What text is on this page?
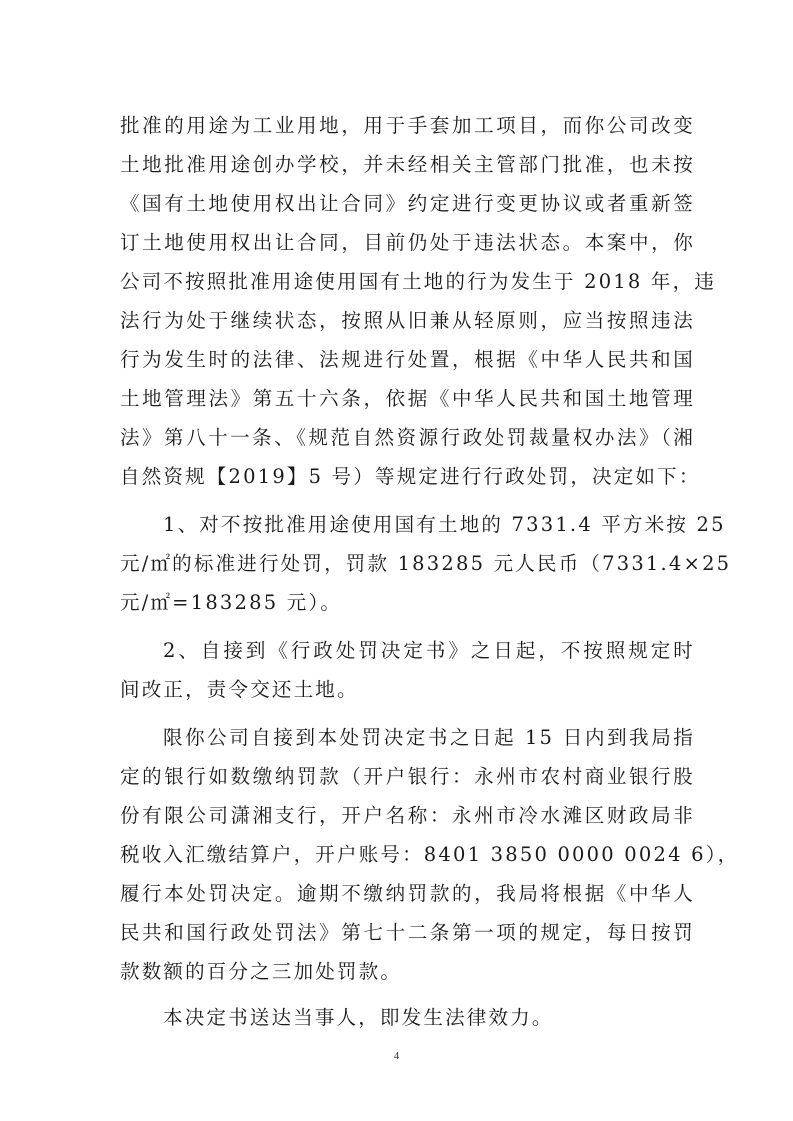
批准的用途为工业用地，用于手套加工项目，而你公司改变
土地批准用途创办学校，并未经相关主管部门批准，也未按
《国有土地使用权出让合同》约定进行变更协议或者重新签
订土地使用权出让合同，目前仍处于违法状态。本案中，你
公司不按照批准用途使用国有土地的行为发生于 2018 年，违
法行为处于继续状态，按照从旧兼从轻原则，应当按照违法
行为发生时的法律、法规进行处置，根据《中华人民共和国
土地管理法》第五十六条，依据《中华人民共和国土地管理
法》第八十一条、《规范自然资源行政处罚裁量权办法》（湘
自然资规【2019】5 号）等规定进行行政处罚，决定如下：
1、对不按批准用途使用国有土地的 7331.4 平方米按 25
元/㎡的标准进行处罚，罚款 183285 元人民币（7331.4×25
元/㎡=183285 元）。
2、自接到《行政处罚决定书》之日起，不按照规定时
间改正，责令交还土地。
限你公司自接到本处罚决定书之日起 15 日内到我局指
定的银行如数缴纳罚款（开户银行：永州市农村商业银行股
份有限公司潇湘支行，开户名称：永州市冷水滩区财政局非
税收入汇缴结算户，开户账号：8401 3850 0000 0024 6），
履行本处罚决定。逾期不缴纳罚款的，我局将根据《中华人
民共和国行政处罚法》第七十二条第一项的规定，每日按罚
款数额的百分之三加处罚款。
本决定书送达当事人，即发生法律效力。
4
